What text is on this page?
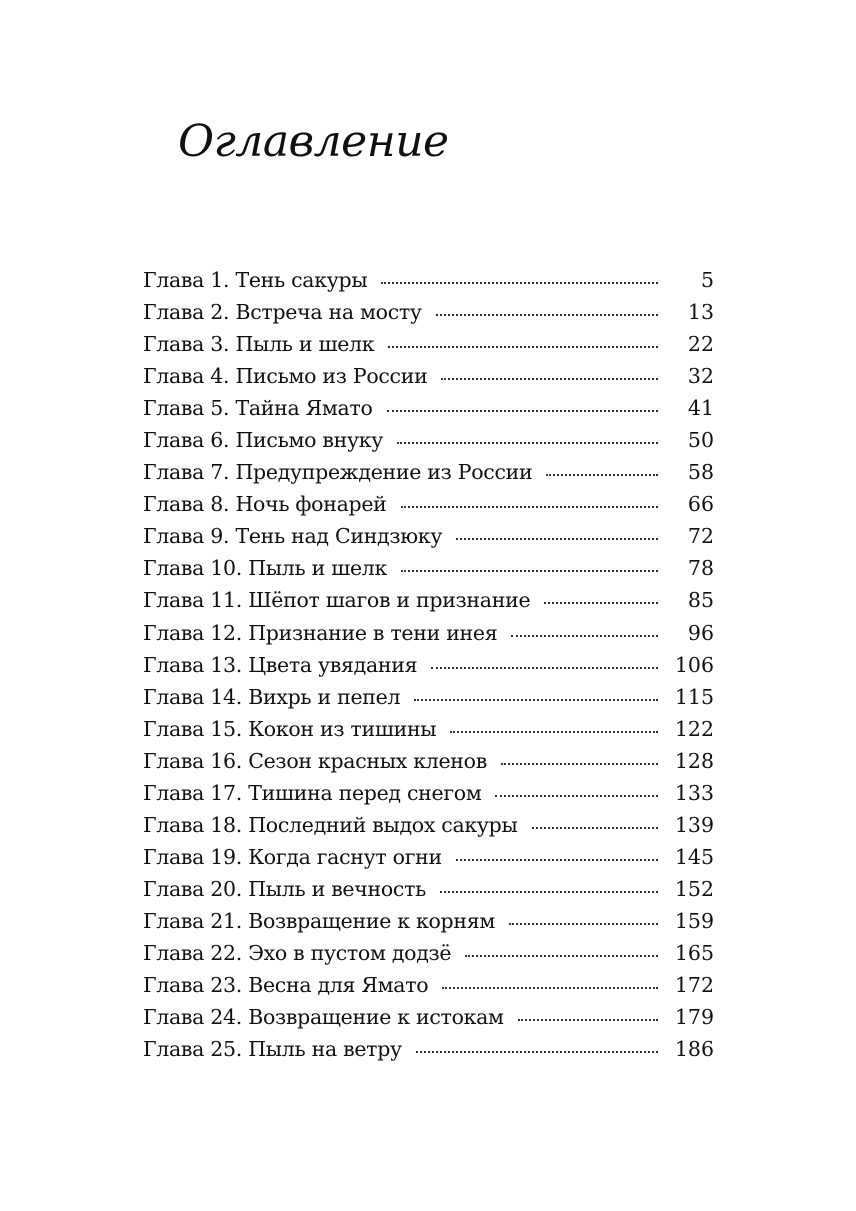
Оглавление
Глава 1. Тень сакуры	5
Глава 2. Встреча на мосту	13
Глава 3. Пыль и шелк	22
Глава 4. Письмо из России	32
Глава 5. Тайна Ямато	41
Глава 6. Письмо внуку	50
Глава 7. Предупреждение из России	58
Глава 8. Ночь фонарей	66
Глава 9. Тень над Синдзюку	72
Глава 10. Пыль и шелк	78
Глава 11. Шёпот шагов и признание	85
Глава 12. Признание в тени инея	96
Глава 13. Цвета увядания	106
Глава 14. Вихрь и пепел	115
Глава 15. Кокон из тишины	122
Глава 16. Сезон красных кленов	128
Глава 17. Тишина перед снегом	133
Глава 18. Последний выдох сакуры	139
Глава 19. Когда гаснут огни	145
Глава 20. Пыль и вечность	152
Глава 21. Возвращение к корням	159
Глава 22. Эхо в пустом додзё	165
Глава 23. Весна для Ямато	172
Глава 24. Возвращение к истокам	179
Глава 25. Пыль на ветру	186
